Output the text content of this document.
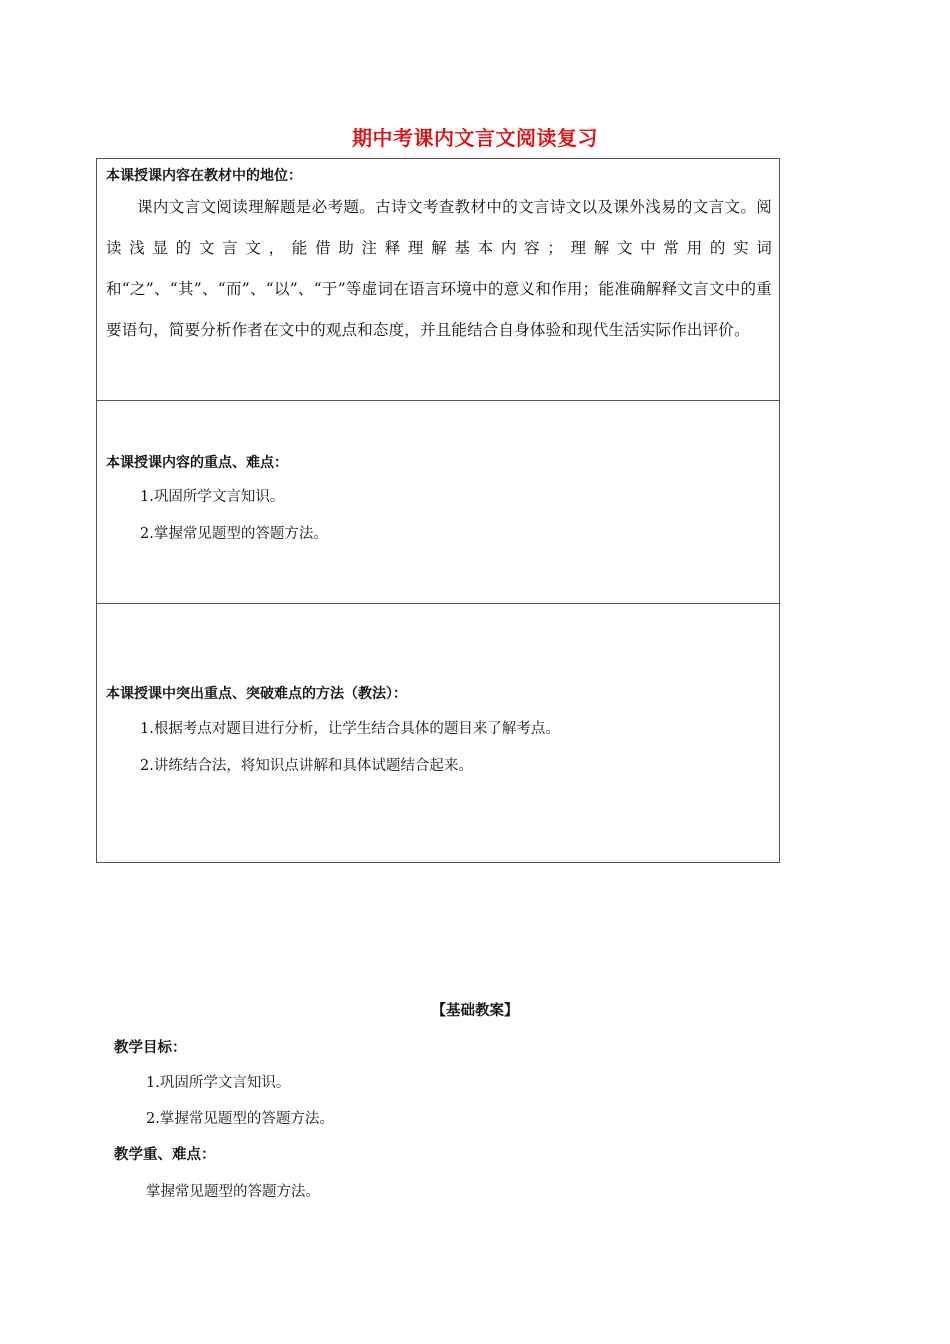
期中考课内文言文阅读复习
本课授课内容在教材中的地位：
课内文言文阅读理解题是必考题。古诗文考查教材中的文言诗文以及课外浅易的文言文。阅读浅显的文言文，能借助注释理解基本内容；理解文中常用的实词和“之”、“其”、“而”、“以”、“于”等虚词在语言环境中的意义和作用；能准确解释文言文中的重要语句，简要分析作者在文中的观点和态度，并且能结合自身体验和现代生活实际作出评价。
本课授课内容的重点、难点：
1.巩固所学文言知识。
2.掌握常见题型的答题方法。
本课授课中突出重点、突破难点的方法（教法）：
1.根据考点对题目进行分析，让学生结合具体的题目来了解考点。
2.讲练结合法，将知识点讲解和具体试题结合起来。
【基础教案】
教学目标：
1.巩固所学文言知识。
2.掌握常见题型的答题方法。
教学重、难点：
掌握常见题型的答题方法。
